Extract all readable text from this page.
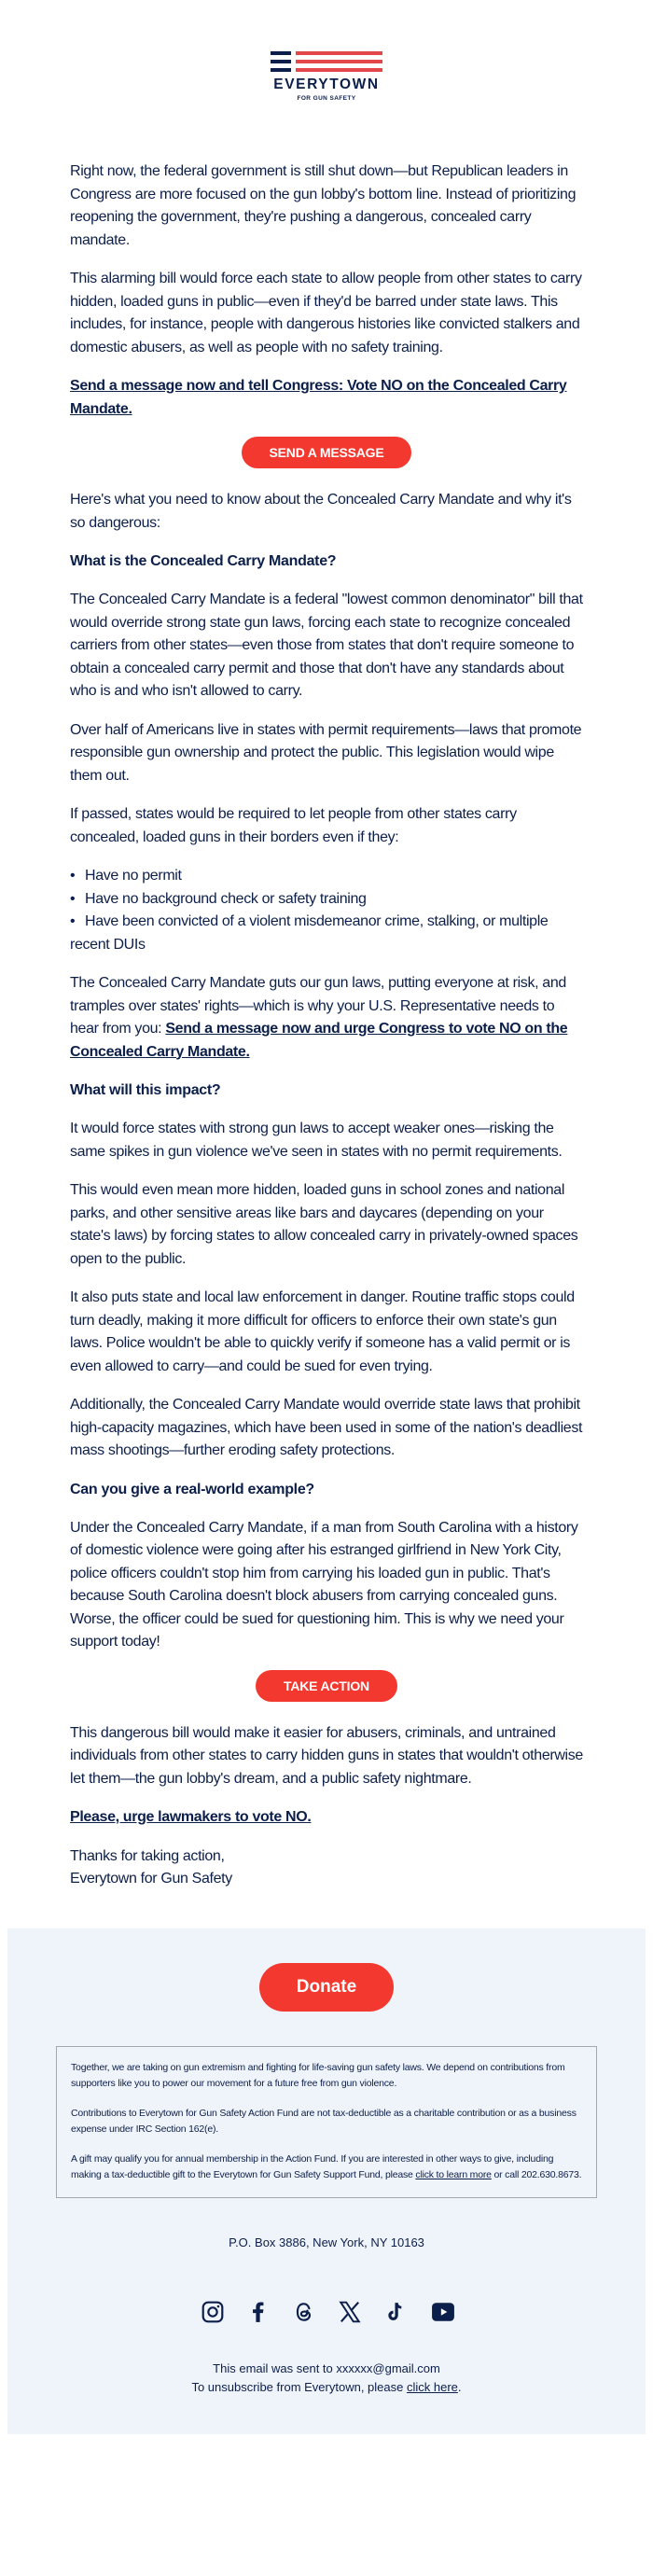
EVERYTOWN
FOR GUN SAFETY

Right now, the federal government is still shut down—but Republican leaders in Congress are more focused on the gun lobby's bottom line. Instead of prioritizing reopening the government, they're pushing a dangerous, concealed carry mandate.

This alarming bill would force each state to allow people from other states to carry hidden, loaded guns in public—even if they'd be barred under state laws. This includes, for instance, people with dangerous histories like convicted stalkers and domestic abusers, as well as people with no safety training.

Send a message now and tell Congress: Vote NO on the Concealed Carry Mandate.

SEND A MESSAGE

Here's what you need to know about the Concealed Carry Mandate and why it's so dangerous:

What is the Concealed Carry Mandate?

The Concealed Carry Mandate is a federal "lowest common denominator" bill that would override strong state gun laws, forcing each state to recognize concealed carriers from other states—even those from states that don't require someone to obtain a concealed carry permit and those that don't have any standards about who is and who isn't allowed to carry.

Over half of Americans live in states with permit requirements—laws that promote responsible gun ownership and protect the public. This legislation would wipe them out.

If passed, states would be required to let people from other states carry concealed, loaded guns in their borders even if they:

• Have no permit
• Have no background check or safety training
• Have been convicted of a violent misdemeanor crime, stalking, or multiple recent DUIs

The Concealed Carry Mandate guts our gun laws, putting everyone at risk, and tramples over states' rights—which is why your U.S. Representative needs to hear from you: Send a message now and urge Congress to vote NO on the Concealed Carry Mandate.

What will this impact?

It would force states with strong gun laws to accept weaker ones—risking the same spikes in gun violence we've seen in states with no permit requirements.

This would even mean more hidden, loaded guns in school zones and national parks, and other sensitive areas like bars and daycares (depending on your state's laws) by forcing states to allow concealed carry in privately-owned spaces open to the public.

It also puts state and local law enforcement in danger. Routine traffic stops could turn deadly, making it more difficult for officers to enforce their own state's gun laws. Police wouldn't be able to quickly verify if someone has a valid permit or is even allowed to carry—and could be sued for even trying.

Additionally, the Concealed Carry Mandate would override state laws that prohibit high-capacity magazines, which have been used in some of the nation's deadliest mass shootings—further eroding safety protections.

Can you give a real-world example?

Under the Concealed Carry Mandate, if a man from South Carolina with a history of domestic violence were going after his estranged girlfriend in New York City, police officers couldn't stop him from carrying his loaded gun in public. That's because South Carolina doesn't block abusers from carrying concealed guns. Worse, the officer could be sued for questioning him. This is why we need your support today!

TAKE ACTION

This dangerous bill would make it easier for abusers, criminals, and untrained individuals from other states to carry hidden guns in states that wouldn't otherwise let them—the gun lobby's dream, and a public safety nightmare.

Please, urge lawmakers to vote NO.

Thanks for taking action,
Everytown for Gun Safety

Donate

Together, we are taking on gun extremism and fighting for life-saving gun safety laws. We depend on contributions from supporters like you to power our movement for a future free from gun violence.

Contributions to Everytown for Gun Safety Action Fund are not tax-deductible as a charitable contribution or as a business expense under IRC Section 162(e).

A gift may qualify you for annual membership in the Action Fund. If you are interested in other ways to give, including making a tax-deductible gift to the Everytown for Gun Safety Support Fund, please click to learn more or call 202.630.8673.

P.O. Box 3886, New York, NY 10163
This email was sent to xxxxxx@gmail.com
To unsubscribe from Everytown, please click here.
